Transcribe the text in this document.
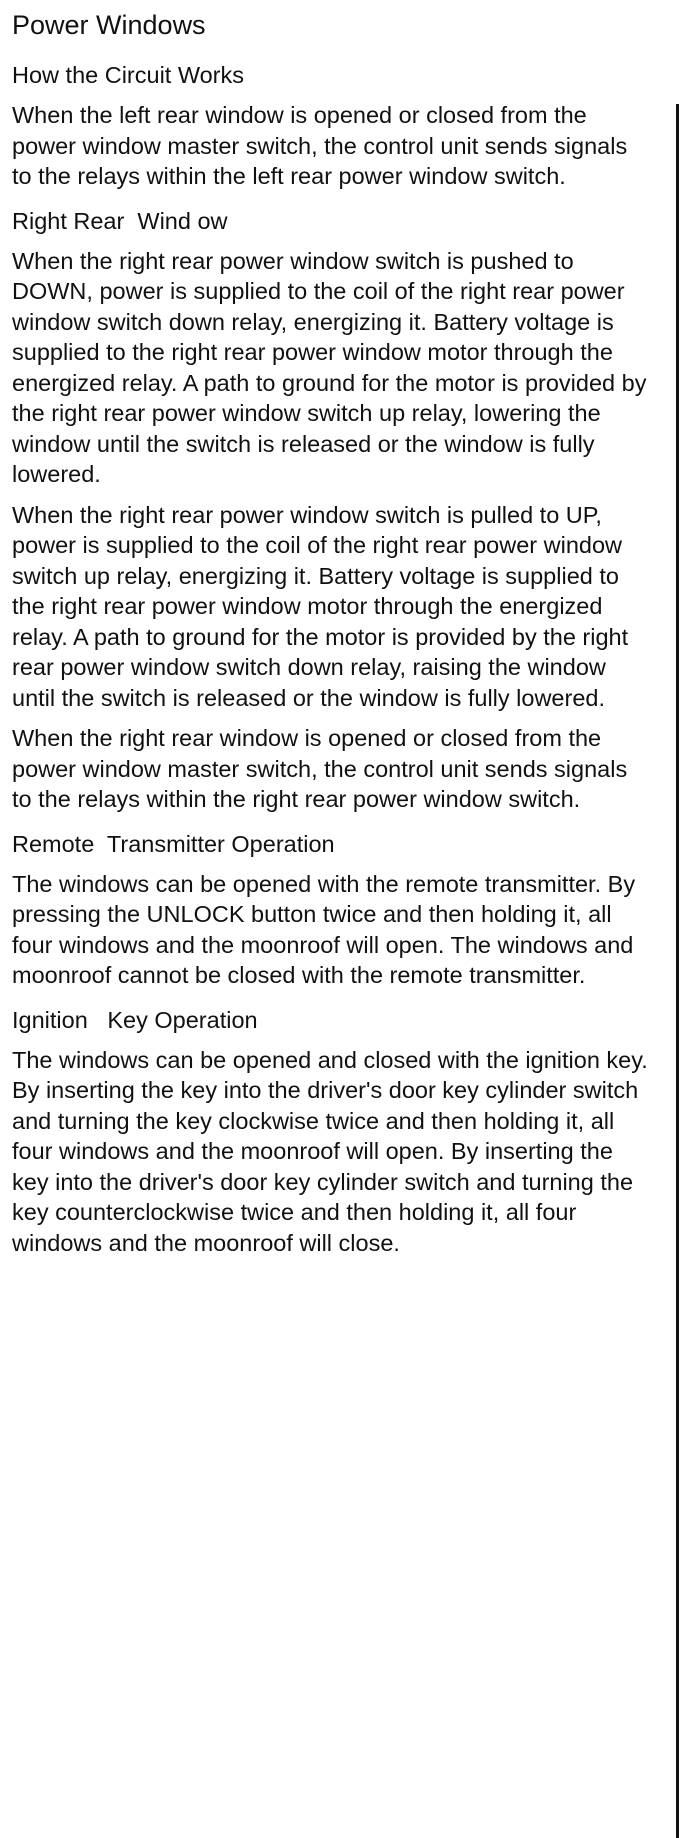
Power Windows
How the Circuit Works

When the left rear window is opened or closed from the power window master switch, the control unit sends signals to the relays within the left rear power window switch.

Right Rear  Wind ow

When the right rear power window switch is pushed to DOWN, power is supplied to the coil of the right rear power window switch down relay, energizing it. Battery voltage is supplied to the right rear power window motor through the energized relay. A path to ground for the motor is provided by the right rear power window switch up relay, lowering the window until the switch is released or the window is fully lowered.

When the right rear power window switch is pulled to UP, power is supplied to the coil of the right rear power window switch up relay, energizing it. Battery voltage is supplied to the right rear power window motor through the energized relay. A path to ground for the motor is provided by the right rear power window switch down relay, raising the window until the switch is released or the window is fully lowered.

When the right rear window is opened or closed from the power window master switch, the control unit sends signals to the relays within the right rear power window switch.

Remote  Transmitter Operation

The windows can be opened with the remote transmitter. By pressing the UNLOCK button twice and then holding it, all four windows and the moonroof will open. The windows and moonroof cannot be closed with the remote transmitter.

Ignition   Key Operation

The windows can be opened and closed with the ignition key. By inserting the key into the driver's door key cylinder switch and turning the key clockwise twice and then holding it, all four windows and the moonroof will open. By inserting the key into the driver's door key cylinder switch and turning the key counterclockwise twice and then holding it, all four windows and the moonroof will close.
